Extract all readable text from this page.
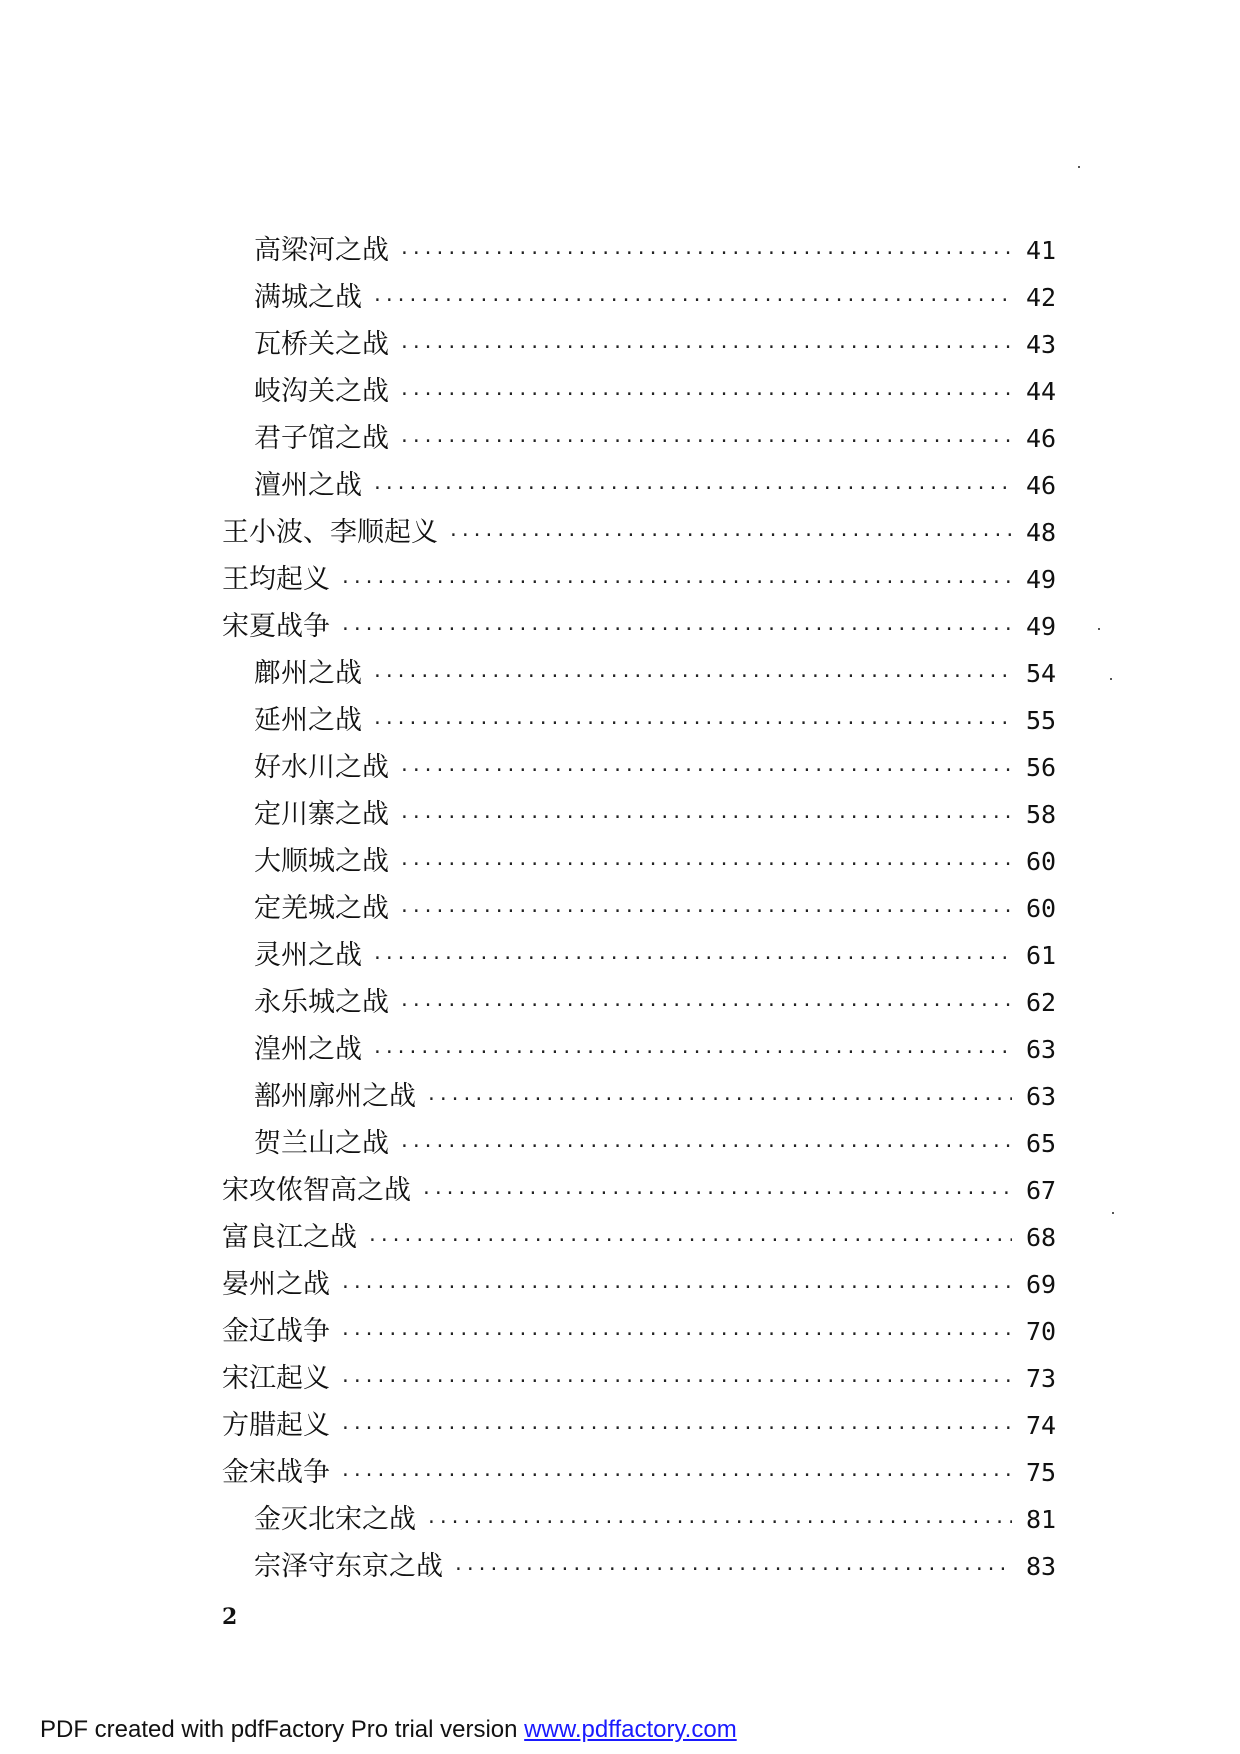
高梁河之战 ·····	41
满城之战 ·····	42
瓦桥关之战 ·····	43
岐沟关之战 ·····	44
君子馆之战 ·····	46
澶州之战 ·····	46
王小波、李顺起义 ·····	48
王均起义 ·····	49
宋夏战争 ·····	49
鄜州之战 ·····	54
延州之战 ·····	55
好水川之战 ·····	56
定川寨之战 ·····	58
大顺城之战 ·····	60
定羌城之战 ·····	60
灵州之战 ·····	61
永乐城之战 ·····	62
湟州之战 ·····	63
鄯州廓州之战 ·····	63
贺兰山之战 ·····	65
宋攻侬智高之战 ·····	67
富良江之战 ·····	68
晏州之战 ·····	69
金辽战争 ·····	70
宋江起义 ·····	73
方腊起义 ·····	74
金宋战争 ·····	75
金灭北宋之战 ·····	81
宗泽守东京之战 ·····	83
2
PDF created with pdfFactory Pro trial version www.pdffactory.com
